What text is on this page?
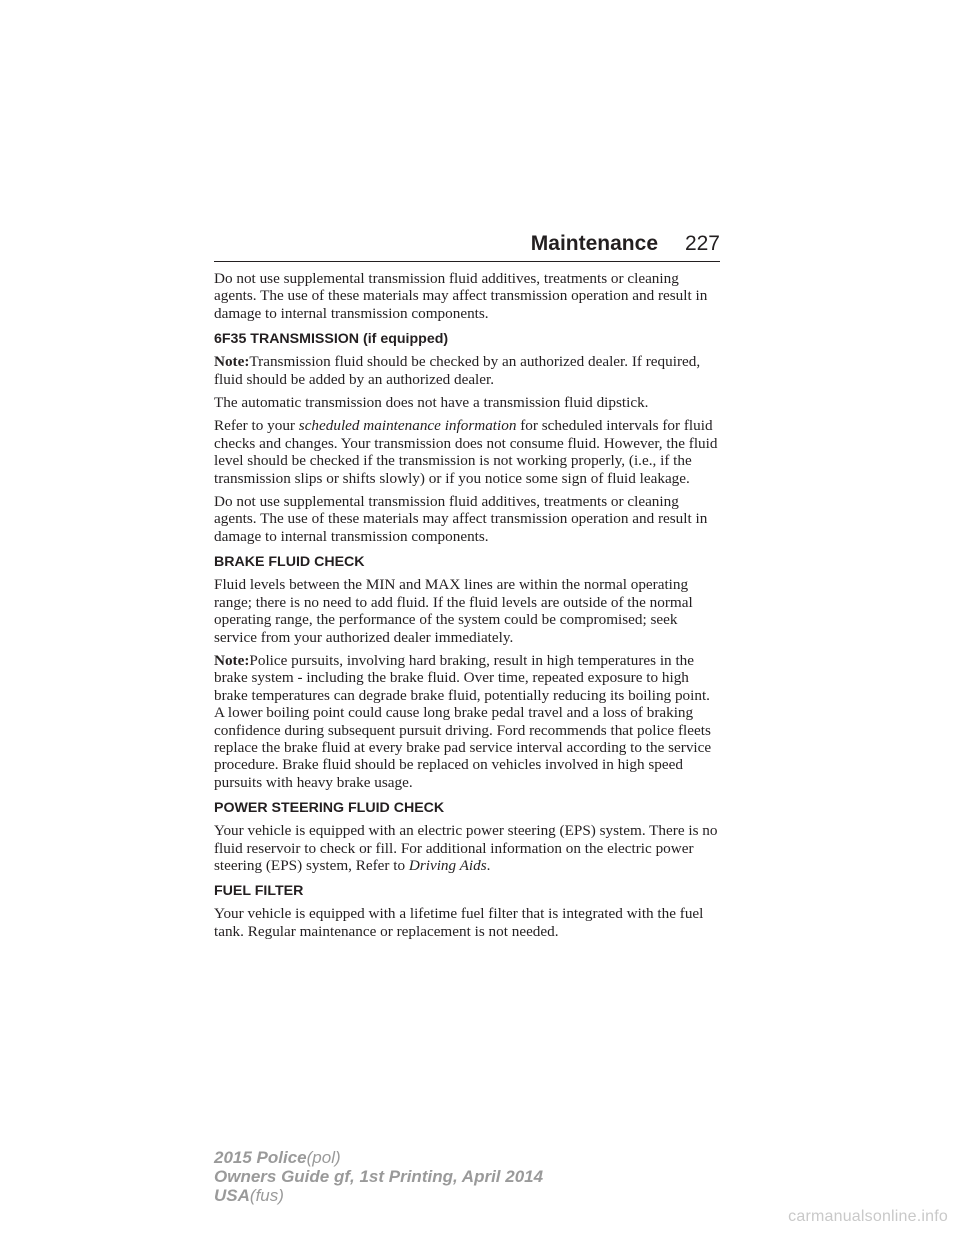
Maintenance 227

Do not use supplemental transmission fluid additives, treatments or cleaning agents. The use of these materials may affect transmission operation and result in damage to internal transmission components.

6F35 TRANSMISSION (if equipped)

Note:Transmission fluid should be checked by an authorized dealer. If required, fluid should be added by an authorized dealer.

The automatic transmission does not have a transmission fluid dipstick.

Refer to your scheduled maintenance information for scheduled intervals for fluid checks and changes. Your transmission does not consume fluid. However, the fluid level should be checked if the transmission is not working properly, (i.e., if the transmission slips or shifts slowly) or if you notice some sign of fluid leakage.

Do not use supplemental transmission fluid additives, treatments or cleaning agents. The use of these materials may affect transmission operation and result in damage to internal transmission components.

BRAKE FLUID CHECK

Fluid levels between the MIN and MAX lines are within the normal operating range; there is no need to add fluid. If the fluid levels are outside of the normal operating range, the performance of the system could be compromised; seek service from your authorized dealer immediately.

Note:Police pursuits, involving hard braking, result in high temperatures in the brake system - including the brake fluid. Over time, repeated exposure to high brake temperatures can degrade brake fluid, potentially reducing its boiling point. A lower boiling point could cause long brake pedal travel and a loss of braking confidence during subsequent pursuit driving. Ford recommends that police fleets replace the brake fluid at every brake pad service interval according to the service procedure. Brake fluid should be replaced on vehicles involved in high speed pursuits with heavy brake usage.

POWER STEERING FLUID CHECK

Your vehicle is equipped with an electric power steering (EPS) system. There is no fluid reservoir to check or fill. For additional information on the electric power steering (EPS) system, Refer to Driving Aids.

FUEL FILTER

Your vehicle is equipped with a lifetime fuel filter that is integrated with the fuel tank. Regular maintenance or replacement is not needed.

2015 Police(pol)
Owners Guide gf, 1st Printing, April 2014
USA(fus)
carmanualsonline.info
